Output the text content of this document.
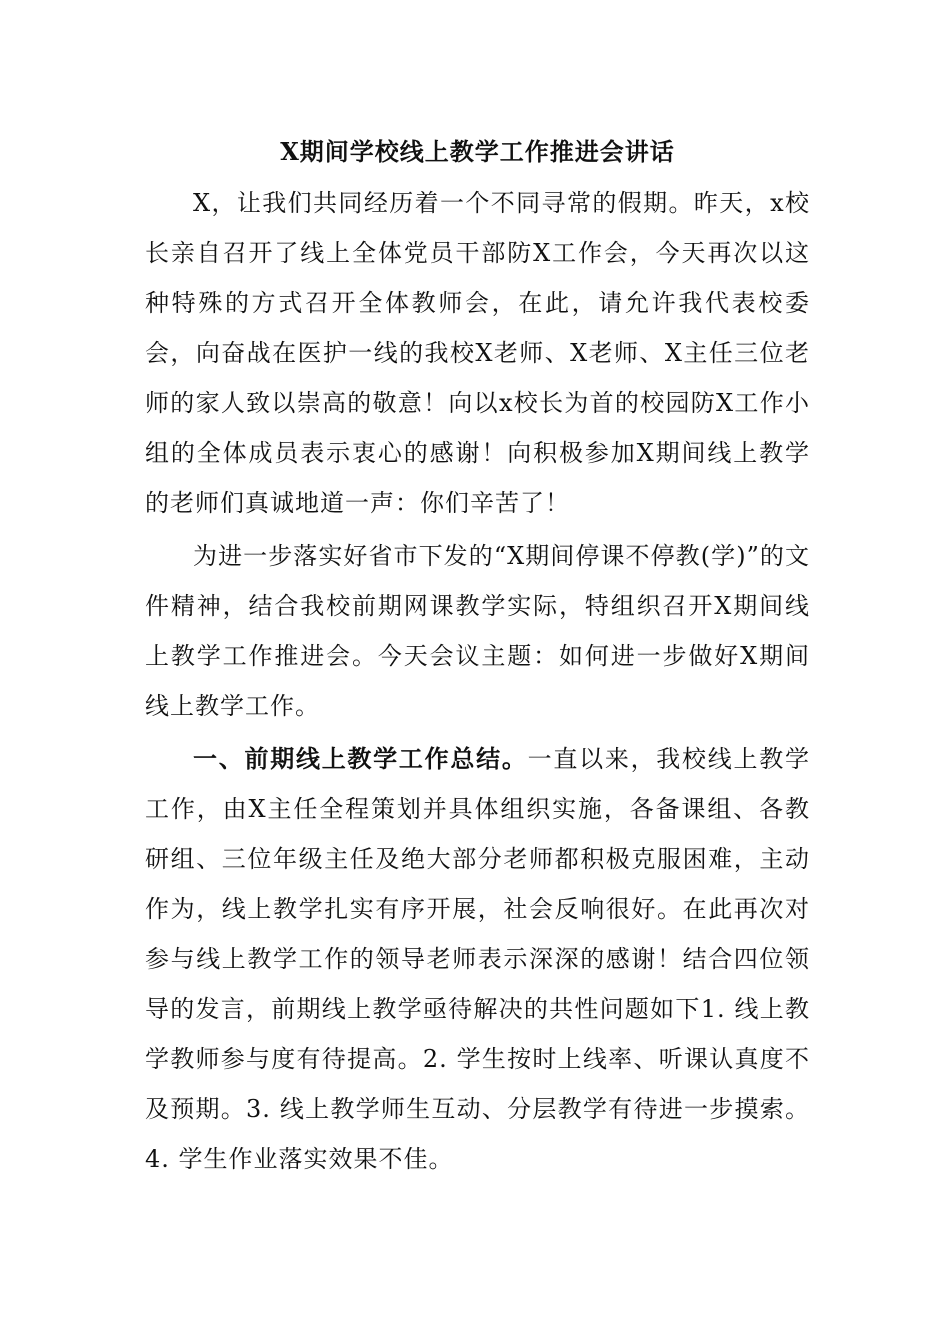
X期间学校线上教学工作推进会讲话

X，让我们共同经历着一个不同寻常的假期。昨天，x校长亲自召开了线上全体党员干部防X工作会，今天再次以这种特殊的方式召开全体教师会，在此，请允许我代表校委会，向奋战在医护一线的我校X老师、X老师、X主任三位老师的家人致以崇高的敬意！向以x校长为首的校园防X工作小组的全体成员表示衷心的感谢！向积极参加X期间线上教学的老师们真诚地道一声：你们辛苦了！

为进一步落实好省市下发的“X期间停课不停教(学)”的文件精神，结合我校前期网课教学实际，特组织召开X期间线上教学工作推进会。今天会议主题：如何进一步做好X期间线上教学工作。

一、前期线上教学工作总结。一直以来，我校线上教学工作，由X主任全程策划并具体组织实施，各备课组、各教研组、三位年级主任及绝大部分老师都积极克服困难，主动作为，线上教学扎实有序开展，社会反响很好。在此再次对参与线上教学工作的领导老师表示深深的感谢！结合四位领导的发言，前期线上教学亟待解决的共性问题如下1. 线上教学教师参与度有待提高。2. 学生按时上线率、听课认真度不及预期。3. 线上教学师生互动、分层教学有待进一步摸索。4. 学生作业落实效果不佳。
